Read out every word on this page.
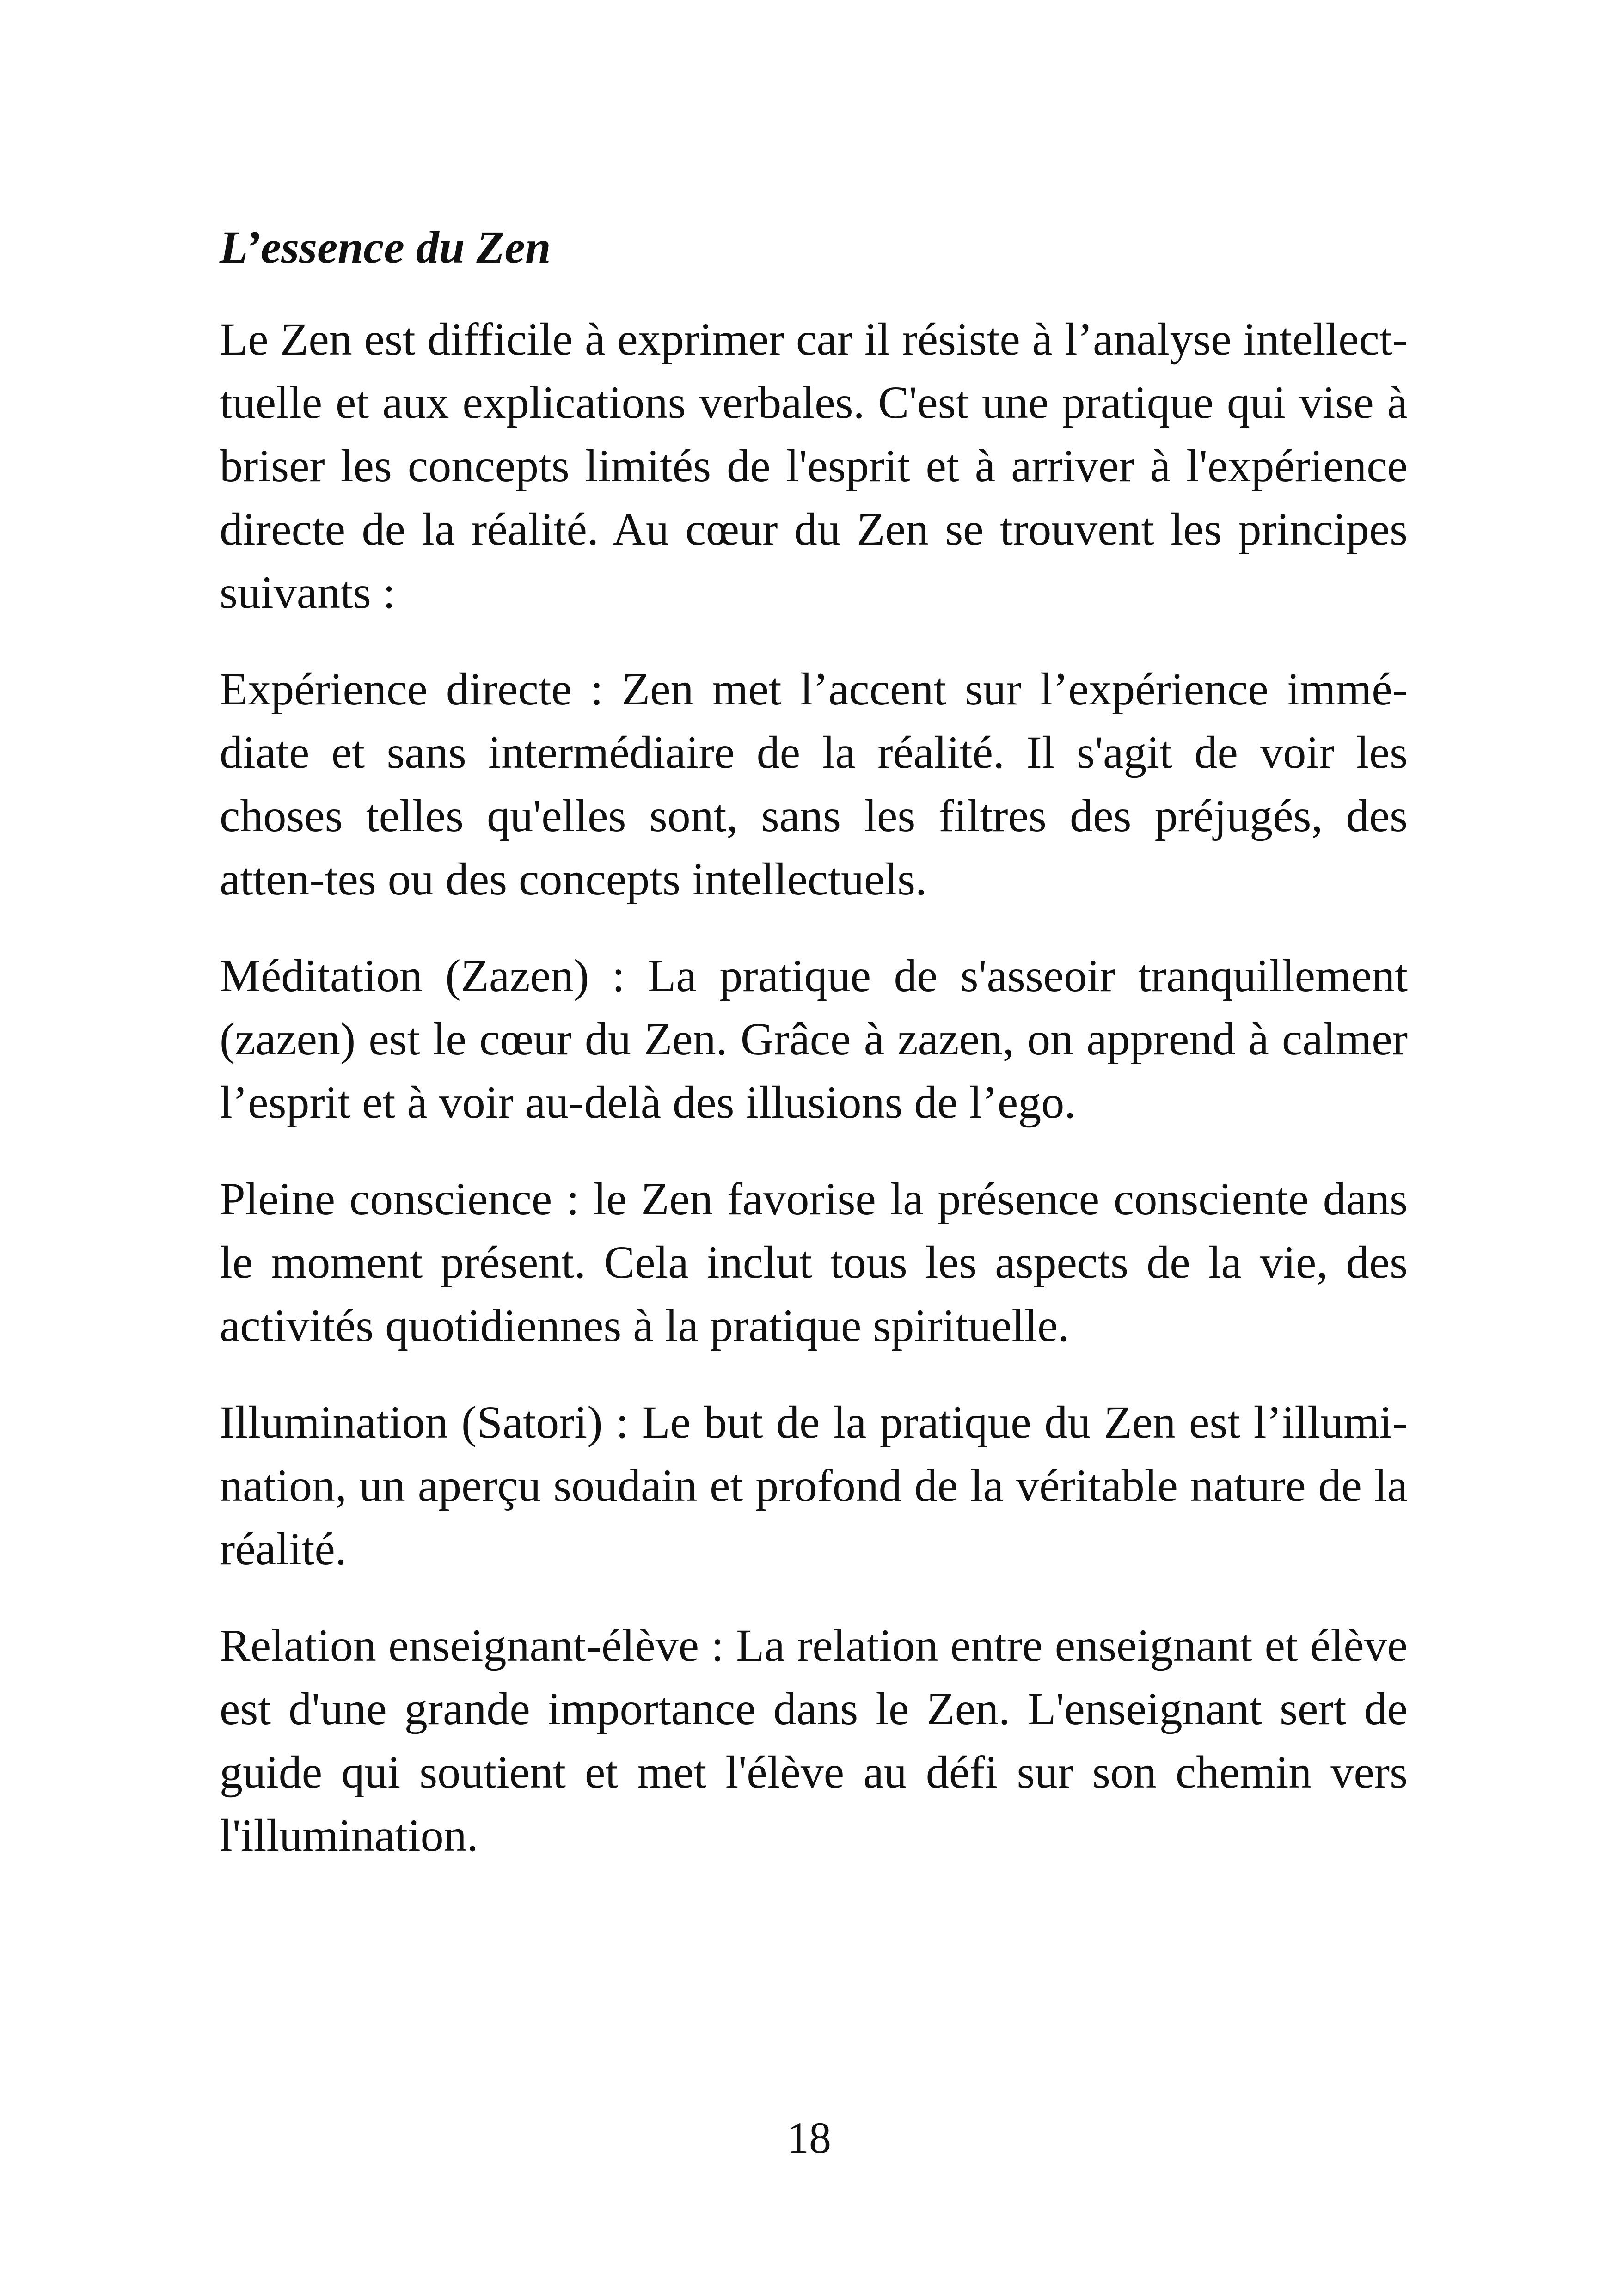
L’essence du Zen

Le Zen est difficile à exprimer car il résiste à l’analyse intellect-tuelle et aux explications verbales. C'est une pratique qui vise à briser les concepts limités de l'esprit et à arriver à l'expérience directe de la réalité. Au cœur du Zen se trouvent les principes suivants :

Expérience directe : Zen met l’accent sur l’expérience immé-diate et sans intermédiaire de la réalité. Il s'agit de voir les choses telles qu'elles sont, sans les filtres des préjugés, des atten-tes ou des concepts intellectuels.

Méditation (Zazen) : La pratique de s'asseoir tranquillement (zazen) est le cœur du Zen. Grâce à zazen, on apprend à calmer l’esprit et à voir au-delà des illusions de l’ego.

Pleine conscience : le Zen favorise la présence consciente dans le moment présent. Cela inclut tous les aspects de la vie, des activités quotidiennes à la pratique spirituelle.

Illumination (Satori) : Le but de la pratique du Zen est l’illumi-nation, un aperçu soudain et profond de la véritable nature de la réalité.

Relation enseignant-élève : La relation entre enseignant et élève est d'une grande importance dans le Zen. L'enseignant sert de guide qui soutient et met l'élève au défi sur son chemin vers l'illumination.

18
